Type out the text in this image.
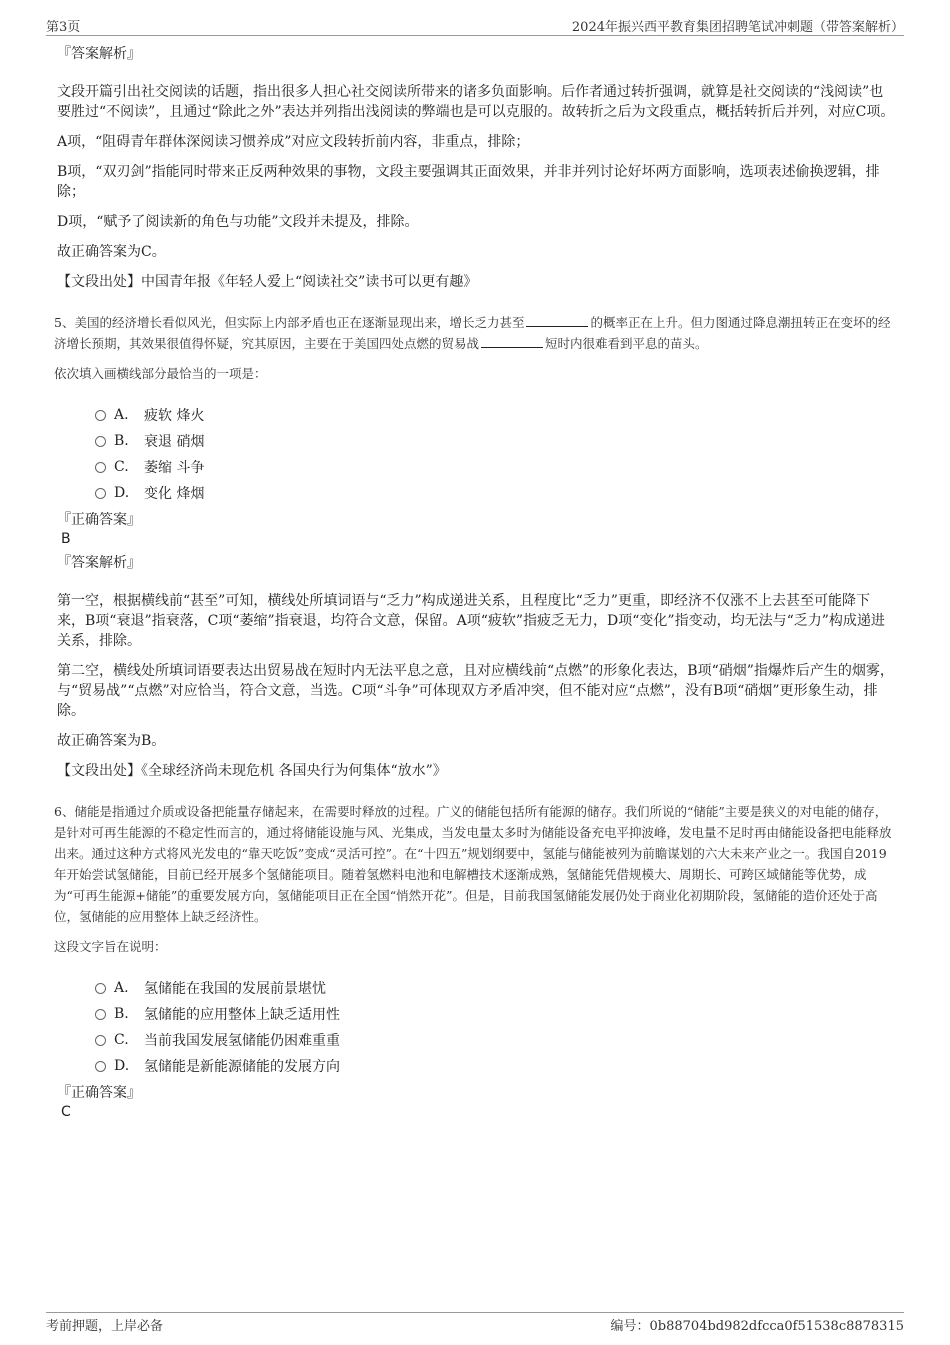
第3页	2024年振兴西平教育集团招聘笔试冲刺题（带答案解析）
『答案解析』

文段开篇引出社交阅读的话题，指出很多人担心社交阅读所带来的诸多负面影响。后作者通过转折强调，就算是社交阅读的“浅阅读”也要胜过“不阅读”，且通过“除此之外”表达并列指出浅阅读的弊端也是可以克服的。故转折之后为文段重点，概括转折后并列，对应C项。

A项，“阻碍青年群体深阅读习惯养成”对应文段转折前内容，非重点，排除；

B项，“双刃剑”指能同时带来正反两种效果的事物，文段主要强调其正面效果，并非并列讨论好坏两方面影响，选项表述偷换逻辑，排除；

D项，“赋予了阅读新的角色与功能”文段并未提及，排除。

故正确答案为C。

【文段出处】中国青年报《年轻人爱上“阅读社交”读书可以更有趣》

5、美国的经济增长看似风光，但实际上内部矛盾也正在逐渐显现出来，增长乏力甚至	的概率正在上升。但力图通过降息潮扭转正在变坏的经济增长预期，其效果很值得怀疑，究其原因，主要在于美国四处点燃的贸易战	短时内很难看到平息的苗头。

依次填入画横线部分最恰当的一项是：

A.	疲软 烽火
B.	衰退 硝烟
C.	萎缩 斗争
D.	变化 烽烟
『正确答案』
B
『答案解析』

第一空，根据横线前“甚至”可知，横线处所填词语与“乏力”构成递进关系，且程度比“乏力”更重，即经济不仅涨不上去甚至可能降下来，B项“衰退”指衰落，C项“萎缩”指衰退，均符合文意，保留。A项“疲软”指疲乏无力，D项“变化”指变动，均无法与“乏力”构成递进关系，排除。

第二空，横线处所填词语要表达出贸易战在短时内无法平息之意，且对应横线前“点燃”的形象化表达，B项“硝烟”指爆炸后产生的烟雾，与“贸易战”“点燃”对应恰当，符合文意，当选。C项“斗争”可体现双方矛盾冲突，但不能对应“点燃”，没有B项“硝烟”更形象生动，排除。

故正确答案为B。

【文段出处】《全球经济尚未现危机 各国央行为何集体“放水”》

6、储能是指通过介质或设备把能量存储起来，在需要时释放的过程。广义的储能包括所有能源的储存。我们所说的“储能”主要是狭义的对电能的储存，是针对可再生能源的不稳定性而言的，通过将储能设施与风、光集成，当发电量太多时为储能设备充电平抑波峰，发电量不足时再由储能设备把电能释放出来。通过这种方式将风光发电的“靠天吃饭”变成“灵活可控”。在“十四五”规划纲要中，氢能与储能被列为前瞻谋划的六大未来产业之一。我国自2019年开始尝试氢储能，目前已经开展多个氢储能项目。随着氢燃料电池和电解槽技术逐渐成熟，氢储能凭借规模大、周期长、可跨区域储能等优势，成为“可再生能源+储能”的重要发展方向，氢储能项目正在全国“悄然开花”。但是，目前我国氢储能发展仍处于商业化初期阶段，氢储能的造价还处于高位，氢储能的应用整体上缺乏经济性。

这段文字旨在说明：

A.	氢储能在我国的发展前景堪忧
B.	氢储能的应用整体上缺乏适用性
C.	当前我国发展氢储能仍困难重重
D.	氢储能是新能源储能的发展方向
『正确答案』
C
考前押题，上岸必备	编号：0b88704bd982dfcca0f51538c8878315
